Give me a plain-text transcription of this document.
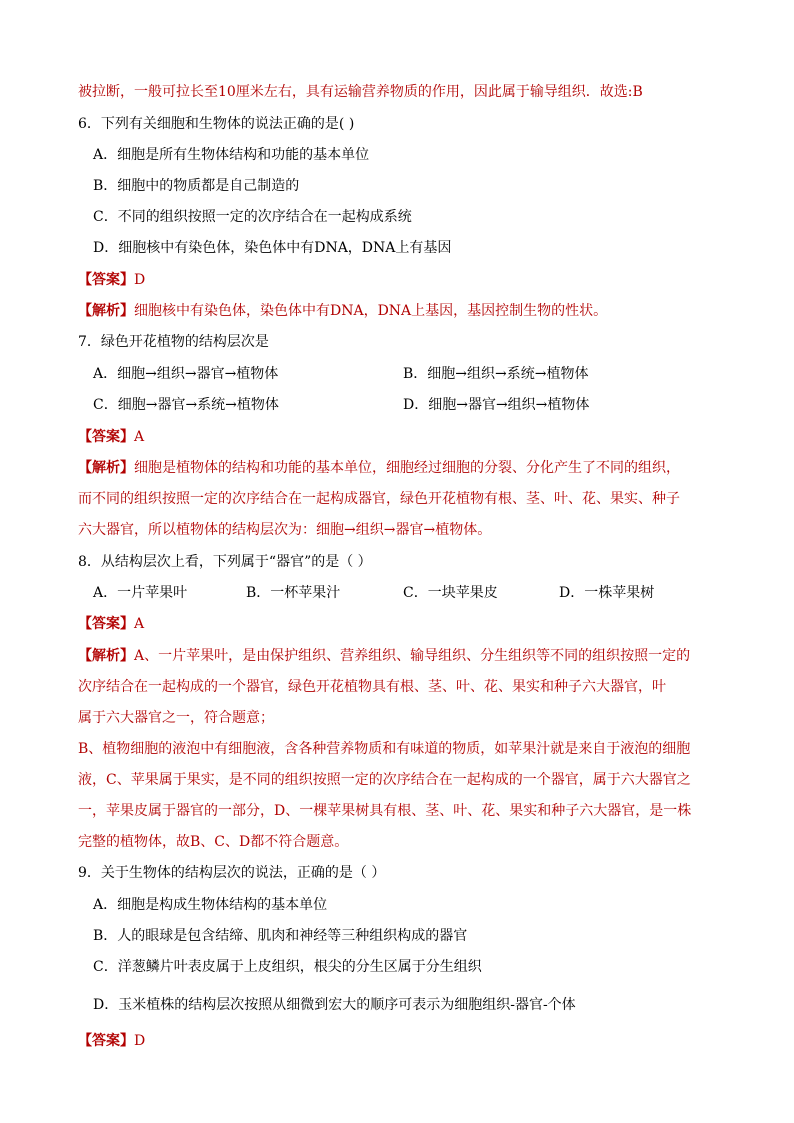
被拉断，一般可拉长至10厘米左右，具有运输营养物质的作用，因此属于输导组织．故选:B
6．下列有关细胞和生物体的说法正确的是( )
A．细胞是所有生物体结构和功能的基本单位
B．细胞中的物质都是自己制造的
C．不同的组织按照一定的次序结合在一起构成系统
D．细胞核中有染色体，染色体中有DNA，DNA上有基因
【答案】D
【解析】细胞核中有染色体，染色体中有DNA，DNA上基因，基因控制生物的性状。
7．绿色开花植物的结构层次是
A．细胞→组织→器官→植物体	B．细胞→组织→系统→植物体
C．细胞→器官→系统→植物体	D．细胞→器官→组织→植物体
【答案】A
【解析】细胞是植物体的结构和功能的基本单位，细胞经过细胞的分裂、分化产生了不同的组织，
而不同的组织按照一定的次序结合在一起构成器官，绿色开花植物有根、茎、叶、花、果实、种子
六大器官，所以植物体的结构层次为：细胞→组织→器官→植物体。
8．从结构层次上看，下列属于“器官”的是（ ）
A．一片苹果叶	B．一杯苹果汁	C．一块苹果皮	D．一株苹果树
【答案】A
【解析】A、一片苹果叶，是由保护组织、营养组织、输导组织、分生组织等不同的组织按照一定的
次序结合在一起构成的一个器官，绿色开花植物具有根、茎、叶、花、果实和种子六大器官，叶
属于六大器官之一，符合题意；
B、植物细胞的液泡中有细胞液，含各种营养物质和有味道的物质，如苹果汁就是来自于液泡的细胞
液，C、苹果属于果实，是不同的组织按照一定的次序结合在一起构成的一个器官，属于六大器官之
一，苹果皮属于器官的一部分，D、一棵苹果树具有根、茎、叶、花、果实和种子六大器官，是一株
完整的植物体，故B、C、D都不符合题意。
9．关于生物体的结构层次的说法，正确的是（ ）
A．细胞是构成生物体结构的基本单位
B．人的眼球是包含结缔、肌肉和神经等三种组织构成的器官
C．洋葱鳞片叶表皮属于上皮组织，根尖的分生区属于分生组织
D．玉米植株的结构层次按照从细微到宏大的顺序可表示为细胞组织-器官-个体
【答案】D
